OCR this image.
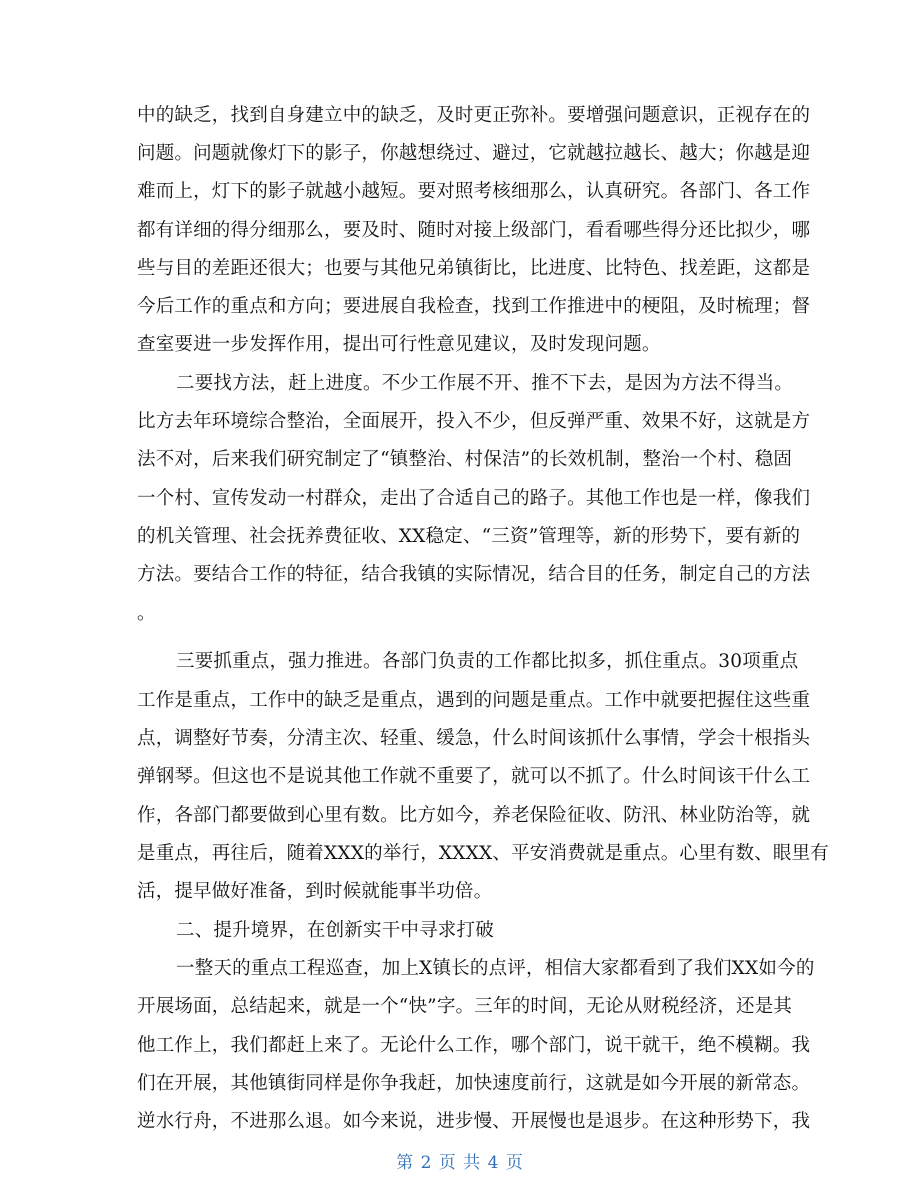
中的缺乏，找到自身建立中的缺乏，及时更正弥补。要增强问题意识，正视存在的
问题。问题就像灯下的影子，你越想绕过、避过，它就越拉越长、越大；你越是迎
难而上，灯下的影子就越小越短。要对照考核细那么，认真研究。各部门、各工作
都有详细的得分细那么，要及时、随时对接上级部门，看看哪些得分还比拟少，哪
些与目的差距还很大；也要与其他兄弟镇街比，比进度、比特色、找差距，这都是
今后工作的重点和方向；要进展自我检查，找到工作推进中的梗阻，及时梳理；督
查室要进一步发挥作用，提出可行性意见建议，及时发现问题。
二要找方法，赶上进度。不少工作展不开、推不下去，是因为方法不得当。
比方去年环境综合整治，全面展开，投入不少，但反弹严重、效果不好，这就是方
法不对，后来我们研究制定了“镇整治、村保洁”的长效机制，整治一个村、稳固
一个村、宣传发动一村群众，走出了合适自己的路子。其他工作也是一样，像我们
的机关管理、社会抚养费征收、XX稳定、“三资”管理等，新的形势下，要有新的
方法。要结合工作的特征，结合我镇的实际情况，结合目的任务，制定自己的方法
。
三要抓重点，强力推进。各部门负责的工作都比拟多，抓住重点。30项重点
工作是重点，工作中的缺乏是重点，遇到的问题是重点。工作中就要把握住这些重
点，调整好节奏，分清主次、轻重、缓急，什么时间该抓什么事情，学会十根指头
弹钢琴。但这也不是说其他工作就不重要了，就可以不抓了。什么时间该干什么工
作，各部门都要做到心里有数。比方如今，养老保险征收、防汛、林业防治等，就
是重点，再往后，随着XXX的举行，XXXX、平安消费就是重点。心里有数、眼里有
活，提早做好准备，到时候就能事半功倍。
二、提升境界，在创新实干中寻求打破
一整天的重点工程巡查，加上X镇长的点评，相信大家都看到了我们XX如今的
开展场面，总结起来，就是一个“快”字。三年的时间，无论从财税经济，还是其
他工作上，我们都赶上来了。无论什么工作，哪个部门，说干就干，绝不模糊。我
们在开展，其他镇街同样是你争我赶，加快速度前行，这就是如今开展的新常态。
逆水行舟，不进那么退。如今来说，进步慢、开展慢也是退步。在这种形势下，我
第 2 页 共 4 页
